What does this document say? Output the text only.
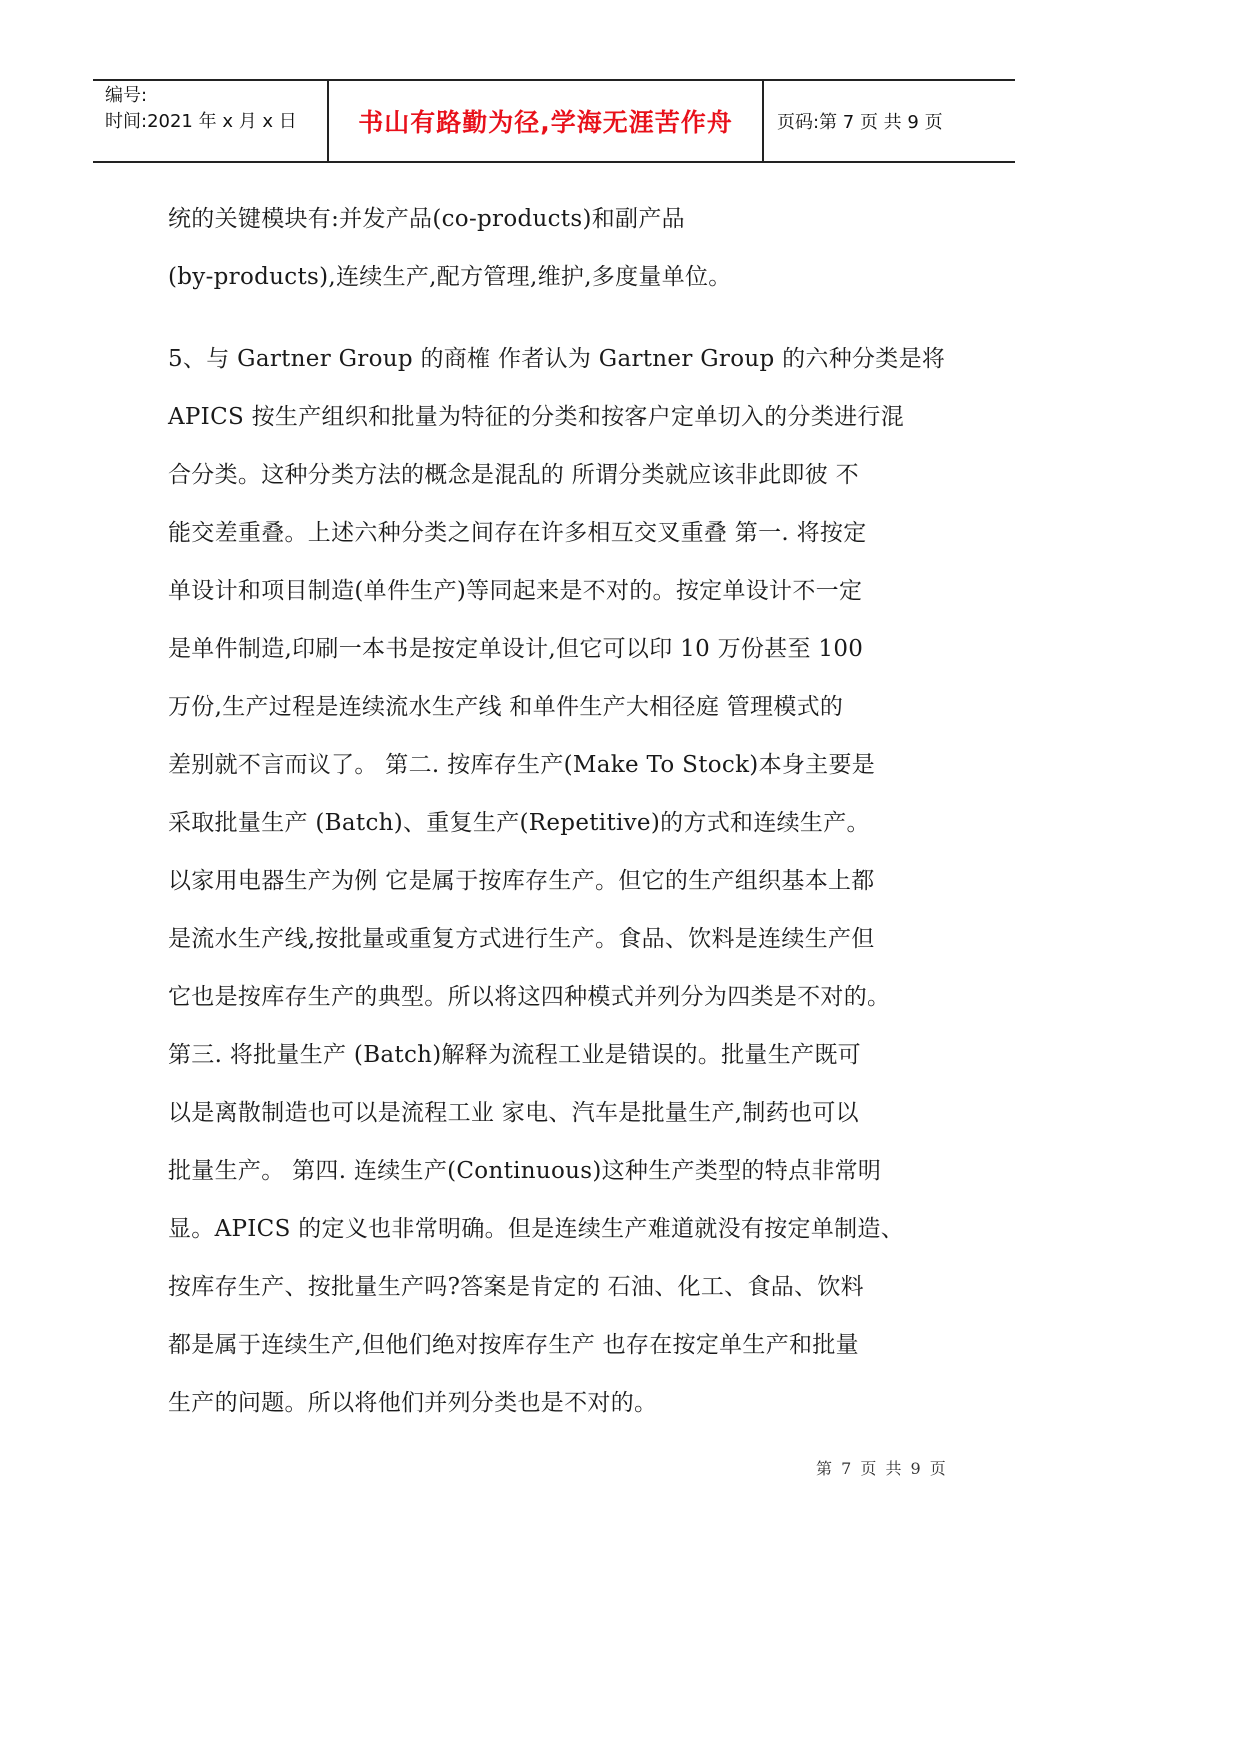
编号:
时间:2021 年 x 月 x 日	书山有路勤为径,学海无涯苦作舟	页码:第 7 页 共 9 页
统的关键模块有:并发产品(co-products)和副产品
(by-products),连续生产,配方管理,维护,多度量单位。
5、与 Gartner Group 的商榷 作者认为 Gartner Group 的六种分类是将
APICS 按生产组织和批量为特征的分类和按客户定单切入的分类进行混
合分类。这种分类方法的概念是混乱的 所谓分类就应该非此即彼 不
能交差重叠。上述六种分类之间存在许多相互交叉重叠 第一. 将按定
单设计和项目制造(单件生产)等同起来是不对的。按定单设计不一定
是单件制造,印刷一本书是按定单设计,但它可以印 10 万份甚至 100
万份,生产过程是连续流水生产线 和单件生产大相径庭 管理模式的
差别就不言而议了。 第二. 按库存生产(Make To Stock)本身主要是
采取批量生产 (Batch)、重复生产(Repetitive)的方式和连续生产。
以家用电器生产为例 它是属于按库存生产。但它的生产组织基本上都
是流水生产线,按批量或重复方式进行生产。食品、饮料是连续生产但
它也是按库存生产的典型。所以将这四种模式并列分为四类是不对的。
第三. 将批量生产 (Batch)解释为流程工业是错误的。批量生产既可
以是离散制造也可以是流程工业 家电、汽车是批量生产,制药也可以
批量生产。 第四. 连续生产(Continuous)这种生产类型的特点非常明
显。APICS 的定义也非常明确。但是连续生产难道就没有按定单制造、
按库存生产、按批量生产吗?答案是肯定的 石油、化工、食品、饮料
都是属于连续生产,但他们绝对按库存生产 也存在按定单生产和批量
生产的问题。所以将他们并列分类也是不对的。
第 7 页 共 9 页
